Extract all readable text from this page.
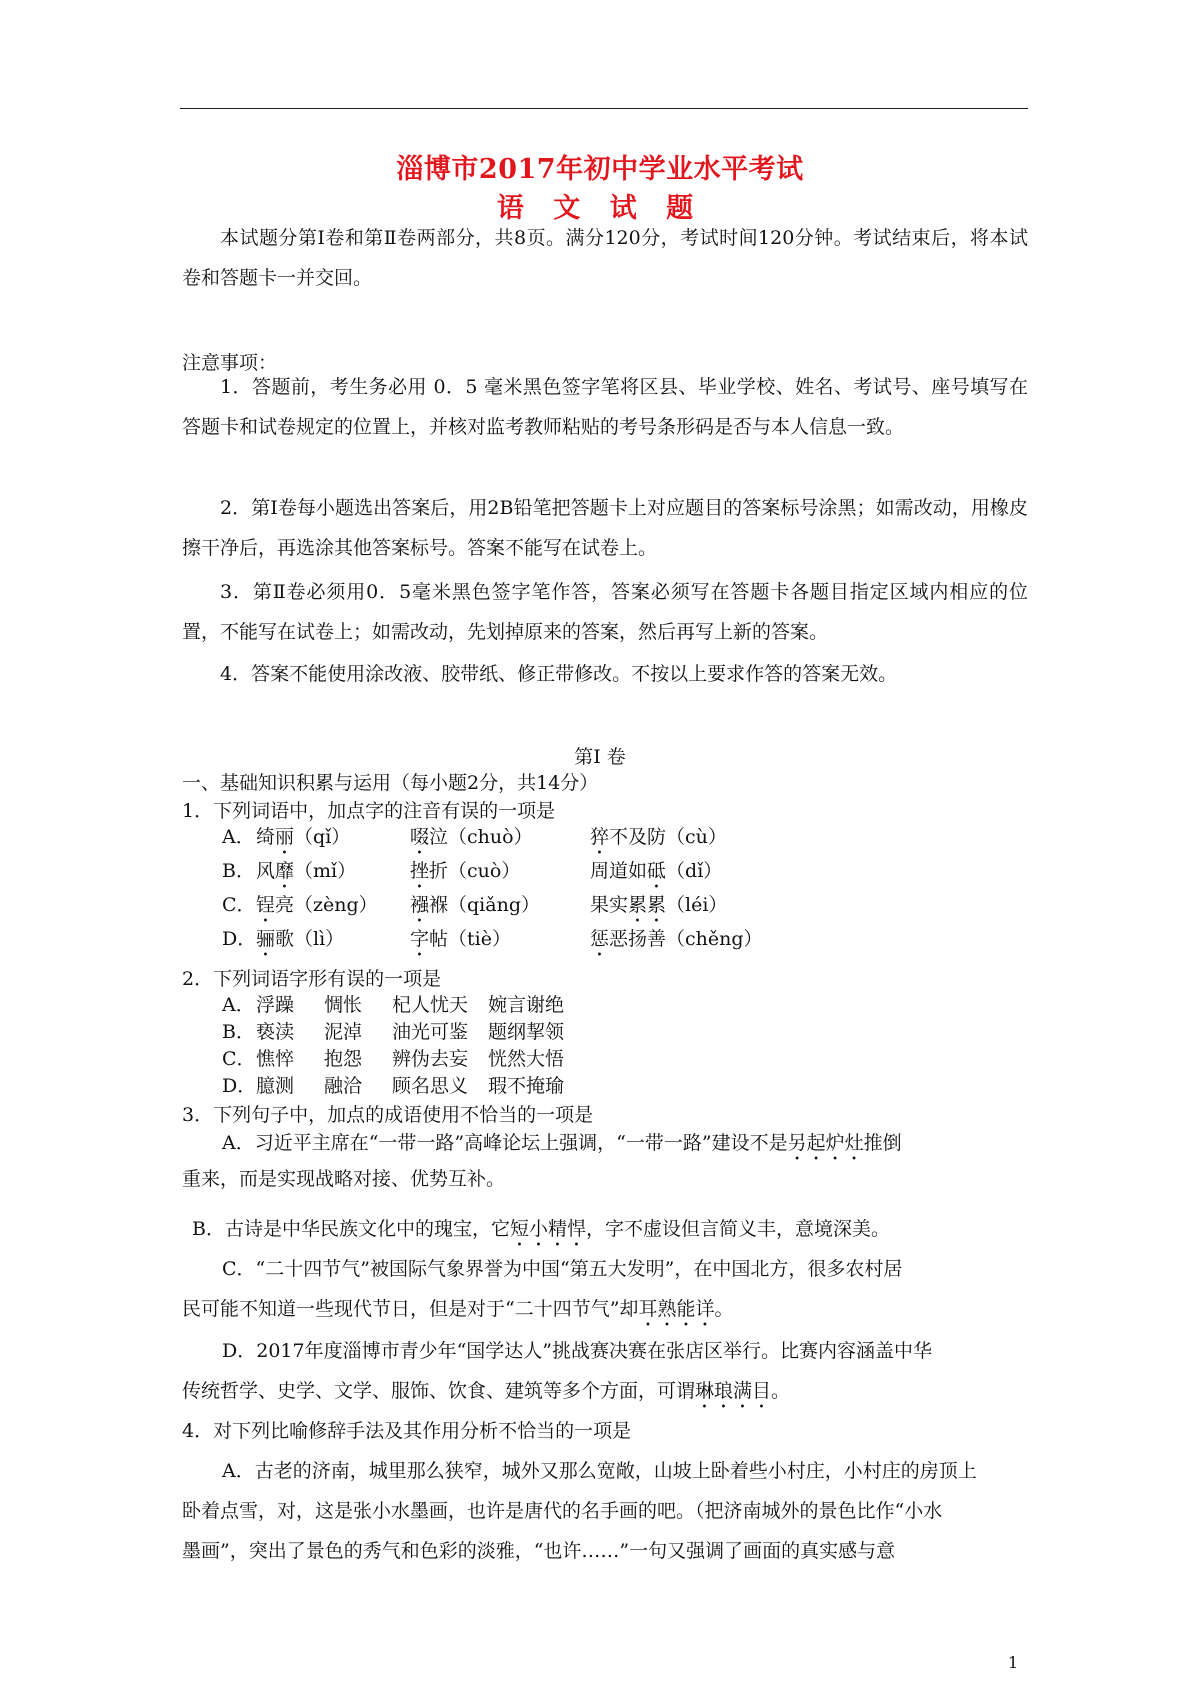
淄博市2017年初中学业水平考试
语 文 试 题
本试题分第Ⅰ卷和第Ⅱ卷两部分，共8页。满分120分，考试时间120分钟。考试结束后，将本试卷和答题卡一并交回。
注意事项：
1．答题前，考生务必用 0．5 毫米黑色签字笔将区县、毕业学校、姓名、考试号、座号填写在答题卡和试卷规定的位置上，并核对监考教师粘贴的考号条形码是否与本人信息一致。
2．第Ⅰ卷每小题选出答案后，用2B铅笔把答题卡上对应题目的答案标号涂黑；如需改动，用橡皮擦干净后，再选涂其他答案标号。答案不能写在试卷上。
3．第Ⅱ卷必须用0．5毫米黑色签字笔作答，答案必须写在答题卡各题目指定区域内相应的位置，不能写在试卷上；如需改动，先划掉原来的答案，然后再写上新的答案。
4．答案不能使用涂改液、胶带纸、修正带修改。不按以上要求作答的答案无效。
第Ⅰ 卷
一、基础知识积累与运用（每小题2分，共14分）
1．下列词语中，加点字的注音有误的一项是
A． 绮丽（qǐ）	啜泣（chuò）	猝不及防（cù）
B． 风靡（mǐ）	挫折（cuò）	周道如砥（dǐ）
C． 锃亮（zèng） 襁褓（qiǎng）	果实累累（léi）
D． 骊歌（lì）	字帖（tiè）	惩恶扬善（chěng）
2．下列词语字形有误的一项是
A． 浮躁 惆怅 杞人忧天 婉言谢绝
B． 亵渎 泥淖 油光可鉴 题纲挈领
C． 憔悴 抱怨 辨伪去妄 恍然大悟
D． 臆测 融洽 顾名思义 瑕不掩瑜
3．下列句子中，加点的成语使用不恰当的一项是
A．习近平主席在“一带一路”高峰论坛上强调，“一带一路”建设不是另起炉灶推倒
重来，而是实现战略对接、优势互补。
B．古诗是中华民族文化中的瑰宝，它短小精悍，字不虚设但言简义丰，意境深美。
C．“二十四节气”被国际气象界誉为中国“第五大发明”，在中国北方，很多农村居
民可能不知道一些现代节日，但是对于“二十四节气”却耳熟能详。
D．2017年度淄博市青少年“国学达人”挑战赛决赛在张店区举行。比赛内容涵盖中华
传统哲学、史学、文学、服饰、饮食、建筑等多个方面，可谓琳琅满目。
4．对下列比喻修辞手法及其作用分析不恰当的一项是
A．古老的济南，城里那么狭窄，城外又那么宽敞，山坡上卧着些小村庄，小村庄的房顶上
卧着点雪，对，这是张小水墨画，也许是唐代的名手画的吧。（把济南城外的景色比作“小水
墨画”，突出了景色的秀气和色彩的淡雅，“也许……”一句又强调了画面的真实感与意
1
